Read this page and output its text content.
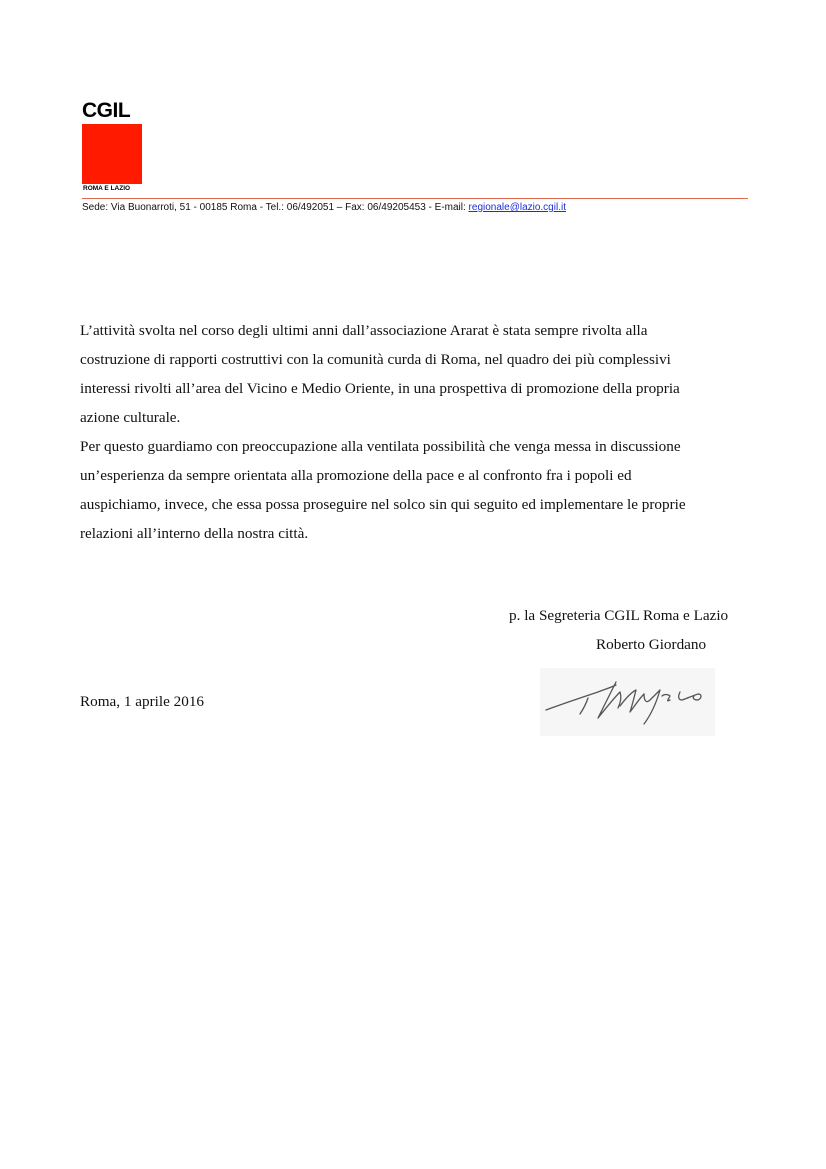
CGIL
ROMA E LAZIO
Sede: Via Buonarroti, 51 - 00185 Roma - Tel.: 06/492051 – Fax: 06/49205453 - E-mail: regionale@lazio.cgil.it
L’attività svolta nel corso degli ultimi anni dall’associazione Ararat è stata sempre rivolta alla
costruzione di rapporti costruttivi con la comunità curda di Roma, nel quadro dei più complessivi
interessi rivolti all’area del Vicino e Medio Oriente, in una prospettiva di promozione della propria
azione culturale.
Per questo guardiamo con preoccupazione alla ventilata possibilità che venga messa in discussione
un’esperienza da sempre orientata alla promozione della pace e al confronto fra i popoli ed
auspichiamo, invece, che essa possa proseguire nel solco sin qui seguito ed implementare le proprie
relazioni all’interno della nostra città.
p. la Segreteria CGIL Roma e Lazio
Roberto Giordano
Roma, 1 aprile 2016
